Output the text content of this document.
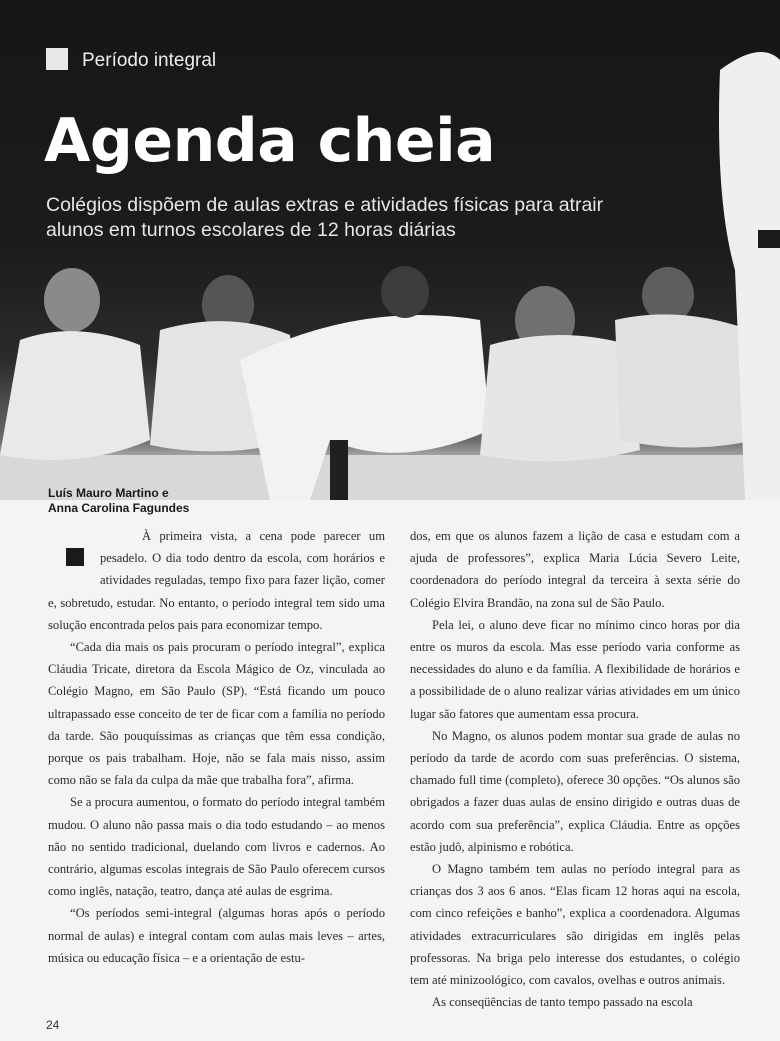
Período integral

Agenda cheia

Colégios dispõem de aulas extras e atividades físicas para atrair alunos em turnos escolares de 12 horas diárias

Luís Mauro Martino e
Anna Carolina Fagundes

À primeira vista, a cena pode parecer um pesadelo. O dia todo dentro da escola, com horários e atividades reguladas, tempo fixo para fazer lição, comer e, sobretudo, estudar. No entanto, o período integral tem sido uma solução encontrada pelos pais para economizar tempo.

“Cada dia mais os pais procuram o período integral”, explica Cláudia Tricate, diretora da Escola Mágico de Oz, vinculada ao Colégio Magno, em São Paulo (SP). “Está ficando um pouco ultrapassado esse conceito de ter de ficar com a família no período da tarde. São pouquíssimas as crianças que têm essa condição, porque os pais trabalham. Hoje, não se fala mais nisso, assim como não se fala da culpa da mãe que trabalha fora”, afirma.

Se a procura aumentou, o formato do período integral também mudou. O aluno não passa mais o dia todo estudando – ao menos não no sentido tradicional, duelando com livros e cadernos. Ao contrário, algumas escolas integrais de São Paulo oferecem cursos como inglês, natação, teatro, dança até aulas de esgrima.

“Os períodos semi-integral (algumas horas após o período normal de aulas) e integral contam com aulas mais leves – artes, música ou educação física – e a orientação de estu-

dos, em que os alunos fazem a lição de casa e estudam com a ajuda de professores”, explica Maria Lúcia Severo Leite, coordenadora do período integral da terceira à sexta série do Colégio Elvira Brandão, na zona sul de São Paulo.

Pela lei, o aluno deve ficar no mínimo cinco horas por dia entre os muros da escola. Mas esse período varia conforme as necessidades do aluno e da família. A flexibilidade de horários e a possibilidade de o aluno realizar várias atividades em um único lugar são fatores que aumentam essa procura.

No Magno, os alunos podem montar sua grade de aulas no período da tarde de acordo com suas preferências. O sistema, chamado full time (completo), oferece 30 opções. “Os alunos são obrigados a fazer duas aulas de ensino dirigido e outras duas de acordo com sua preferência”, explica Cláudia. Entre as opções estão judô, alpinismo e robótica.

O Magno também tem aulas no período integral para as crianças dos 3 aos 6 anos. “Elas ficam 12 horas aqui na escola, com cinco refeições e banho”, explica a coordenadora. Algumas atividades extracurriculares são dirigidas em inglês pelas professoras. Na briga pelo interesse dos estudantes, o colégio tem até minizoológico, com cavalos, ovelhas e outros animais.

As conseqüências de tanto tempo passado na escola

24
